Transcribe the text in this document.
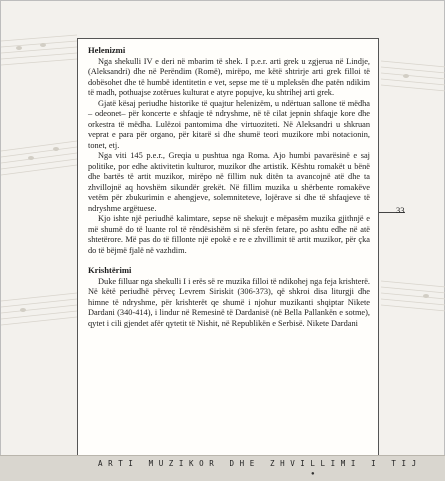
Helenizmi

Nga shekulli IV e deri në mbarim të shek. I p.e.r. arti grek u zgjerua në Lindje, (Aleksandri) dhe në Perëndim (Romë), mirëpo, me këtë shtrirje arti grek filloi të dobësohet dhe të humbë identitetin e vet, sepse me të u mpleksën dhe patën ndikim të madh, pothuajse zotërues kulturat e atyre popujve, ku shtrihej arti grek.

Gjatë kësaj periudhe historike të quajtur helenizëm, u ndërtuan sallone të mëdha – odeonet– për koncerte e shfaqje të ndryshme, në të cilat jepnin shfaqje kore dhe orkestra të mëdha. Lulëzoi pantomima dhe virtuoziteti. Në Aleksandri u shkruan veprat e para për organo, për kitarë si dhe shumë teori muzikore mbi notacionin, tonet, etj.

Nga viti 145 p.e.r., Greqia u pushtua nga Roma. Ajo humbi pavarësinë e saj politike, por edhe aktivitetin kulturor, muzikor dhe artistik. Kështu romakët u bënë dhe bartës të artit muzikor, mirëpo në fillim nuk ditën ta avancojnë atë dhe ta zhvillojnë aq hovshëm sikundër grekët. Në fillim muzika u shërbente romakëve vetëm për zbukurimin e ahengjeve, solemniteteve, lojërave si dhe të shfaqjeve të ndryshme argëtuese.

Kjo ishte një periudhë kalimtare, sepse në shekujt e mëpasëm muzika gjithnjë e më shumë do të luante rol të rëndësishëm si në sferën fetare, po ashtu edhe në atë shtetërore. Më pas do të fillonte një epokë e re e zhvillimit të artit muzikor, për çka do të bëjmë fjalë në vazhdim.

Krishtërimi

Duke filluar nga shekulli I i erës së re muzika filloi të ndikohej nga feja krishterë. Në këtë periudhë përveç Levrem Siriskit (306-373), që shkroi disa liturgji dhe himne të ndryshme, për krishterët qe shumë i njohur muzikanti shqiptar Nikete Dardani (340-414), i lindur në Remesinë të Dardanisë (në Bella Pallankën e sotme), qytet i cili gjendet afër qytetit të Nishit, në Republikën e Serbisë. Nikete Dardani

33
ARTI MUZIKOR DHE ZHVILLIMI I TIJ
●
